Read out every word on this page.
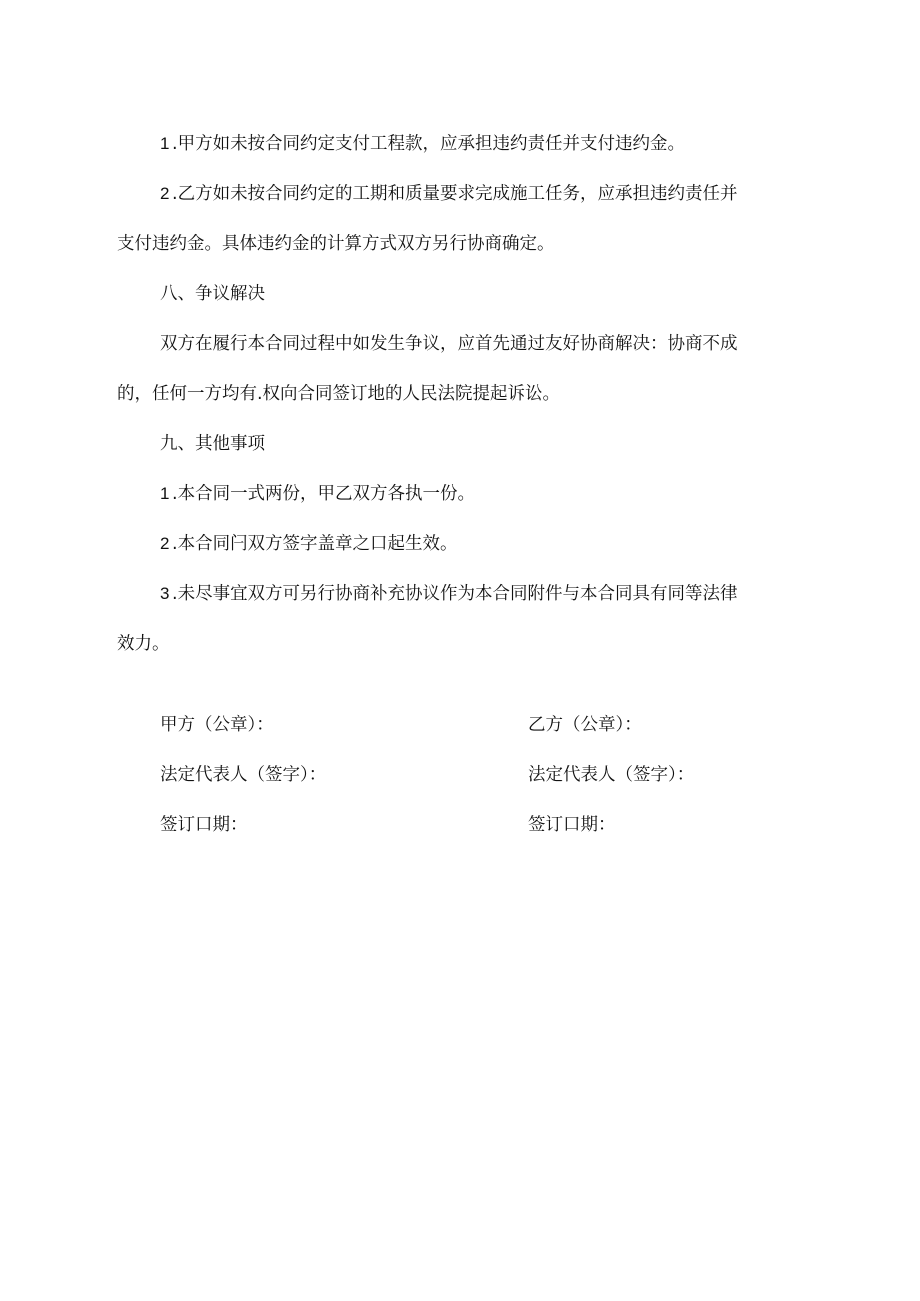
1 .甲方如未按合同约定支付工程款，应承担违约责任并支付违约金。
2 .乙方如未按合同约定的工期和质量要求完成施工任务，应承担违约责任并
支付违约金。具体违约金的计算方式双方另行协商确定。
八、争议解决
双方在履行本合同过程中如发生争议，应首先通过友好协商解决：协商不成
的，任何一方均有.权向合同签订地的人民法院提起诉讼。
九、其他事项
1 .本合同一式两份，甲乙双方各执一份。
2 .本合同闩双方签字盖章之口起生效。
3 .未尽事宜双方可另行协商补充协议作为本合同附件与本合同具有同等法律
效力。
甲方（公章）：	乙方（公章）：
法定代表人（签字）：	法定代表人（签字）：
签订口期：	签订口期：
